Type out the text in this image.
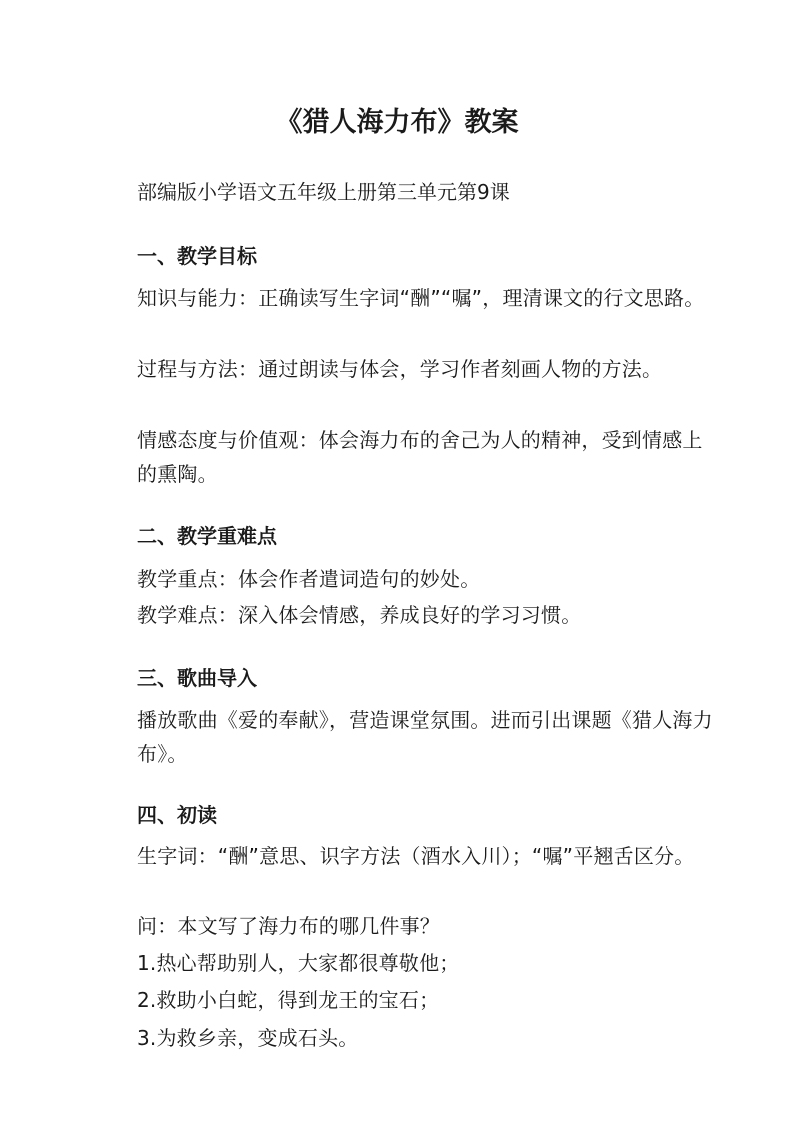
《猎人海力布》教案

部编版小学语文五年级上册第三单元第9课

一、教学目标

知识与能力：正确读写生字词“酬”“嘱”，理清课文的行文思路。

过程与方法：通过朗读与体会，学习作者刻画人物的方法。

情感态度与价值观：体会海力布的舍己为人的精神，受到情感上的熏陶。

二、教学重难点

教学重点：体会作者遣词造句的妙处。

教学难点：深入体会情感，养成良好的学习习惯。

三、歌曲导入

播放歌曲《爱的奉献》，营造课堂氛围。进而引出课题《猎人海力布》。

四、初读

生字词：“酬”意思、识字方法（酒水入川）；“嘱”平翘舌区分。

问：本文写了海力布的哪几件事？

1.热心帮助别人，大家都很尊敬他；

2.救助小白蛇，得到龙王的宝石；

3.为救乡亲，变成石头。
